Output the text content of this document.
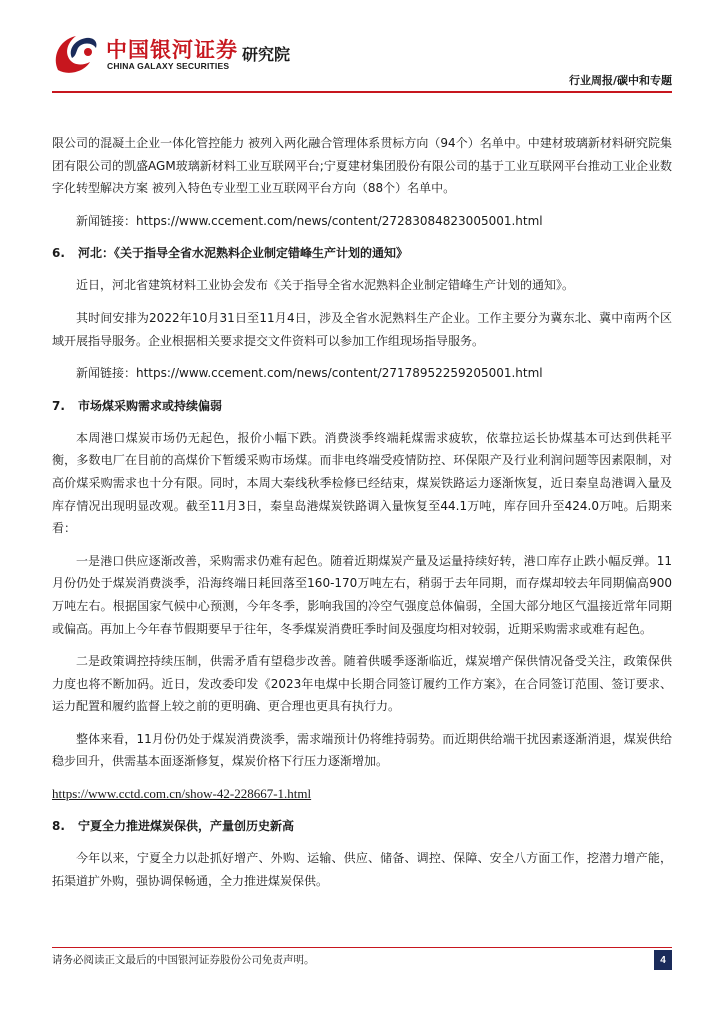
中国银河证券
CHINA GALAXY SECURITIES
研究院
行业周报/碳中和专题

限公司的混凝土企业一体化管控能力 被列入两化融合管理体系贯标方向（94个）名单中。中建材玻璃新材料研究院集团有限公司的凯盛AGM玻璃新材料工业互联网平台;宁夏建材集团股份有限公司的基于工业互联网平台推动工业企业数字化转型解决方案 被列入特色专业型工业互联网平台方向（88个）名单中。

新闻链接：https://www.ccement.com/news/content/27283084823005001.html

6.	河北：《关于指导全省水泥熟料企业制定错峰生产计划的通知》

近日，河北省建筑材料工业协会发布《关于指导全省水泥熟料企业制定错峰生产计划的通知》。

其时间安排为2022年10月31日至11月4日，涉及全省水泥熟料生产企业。工作主要分为冀东北、冀中南两个区域开展指导服务。企业根据相关要求提交文件资料可以参加工作组现场指导服务。

新闻链接：https://www.ccement.com/news/content/27178952259205001.html

7.	市场煤采购需求或持续偏弱

本周港口煤炭市场仍无起色，报价小幅下跌。消费淡季终端耗煤需求疲软，依靠拉运长协煤基本可达到供耗平衡，多数电厂在目前的高煤价下暂缓采购市场煤。而非电终端受疫情防控、环保限产及行业利润问题等因素限制，对高价煤采购需求也十分有限。同时，本周大秦线秋季检修已经结束，煤炭铁路运力逐渐恢复，近日秦皇岛港调入量及库存情况出现明显改观。截至11月3日，秦皇岛港煤炭铁路调入量恢复至44.1万吨，库存回升至424.0万吨。后期来看：

一是港口供应逐渐改善，采购需求仍难有起色。随着近期煤炭产量及运量持续好转，港口库存止跌小幅反弹。11月份仍处于煤炭消费淡季，沿海终端日耗回落至160-170万吨左右，稍弱于去年同期，而存煤却较去年同期偏高900万吨左右。根据国家气候中心预测，今年冬季，影响我国的冷空气强度总体偏弱，全国大部分地区气温接近常年同期或偏高。再加上今年春节假期要早于往年，冬季煤炭消费旺季时间及强度均相对较弱，近期采购需求或难有起色。

二是政策调控持续压制，供需矛盾有望稳步改善。随着供暖季逐渐临近，煤炭增产保供情况备受关注，政策保供力度也将不断加码。近日，发改委印发《2023年电煤中长期合同签订履约工作方案》，在合同签订范围、签订要求、运力配置和履约监督上较之前的更明确、更合理也更具有执行力。

整体来看，11月份仍处于煤炭消费淡季，需求端预计仍将维持弱势。而近期供给端干扰因素逐渐消退，煤炭供给稳步回升，供需基本面逐渐修复，煤炭价格下行压力逐渐增加。

https://www.cctd.com.cn/show-42-228667-1.html
8.	宁夏全力推进煤炭保供，产量创历史新高

今年以来，宁夏全力以赴抓好增产、外购、运输、供应、储备、调控、保障、安全八方面工作，挖潜力增产能，拓渠道扩外购，强协调保畅通，全力推进煤炭保供。

请务必阅读正文最后的中国银河证券股份公司免责声明。	4
